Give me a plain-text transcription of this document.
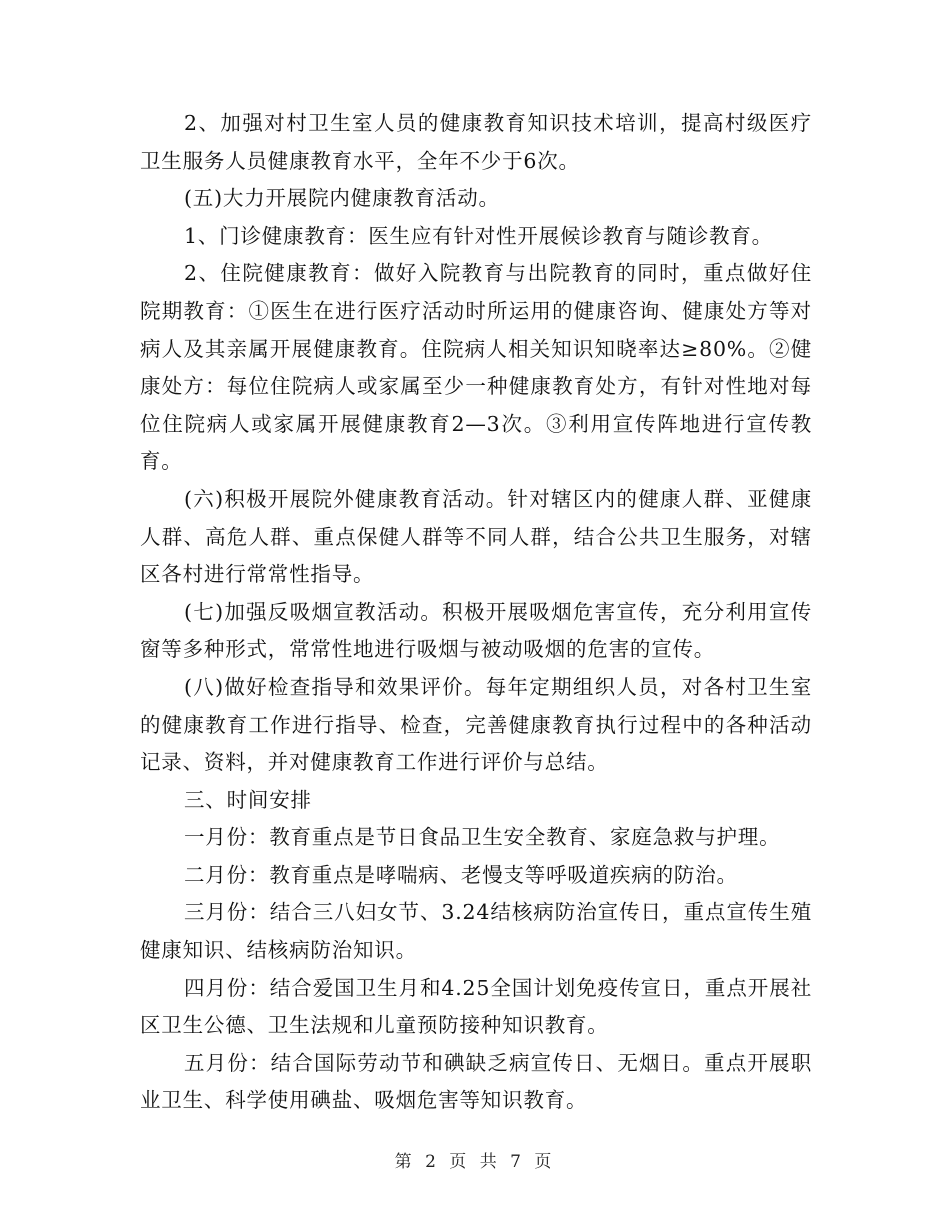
2、加强对村卫生室人员的健康教育知识技术培训，提高村级医疗卫生服务人员健康教育水平，全年不少于6次。

(五)大力开展院内健康教育活动。

1、门诊健康教育：医生应有针对性开展候诊教育与随诊教育。

2、住院健康教育：做好入院教育与出院教育的同时，重点做好住院期教育：①医生在进行医疗活动时所运用的健康咨询、健康处方等对病人及其亲属开展健康教育。住院病人相关知识知晓率达≥80%。②健康处方：每位住院病人或家属至少一种健康教育处方，有针对性地对每位住院病人或家属开展健康教育2—3次。③利用宣传阵地进行宣传教育。

(六)积极开展院外健康教育活动。针对辖区内的健康人群、亚健康人群、高危人群、重点保健人群等不同人群，结合公共卫生服务，对辖区各村进行常常性指导。

(七)加强反吸烟宣教活动。积极开展吸烟危害宣传，充分利用宣传窗等多种形式，常常性地进行吸烟与被动吸烟的危害的宣传。

(八)做好检查指导和效果评价。每年定期组织人员，对各村卫生室的健康教育工作进行指导、检查，完善健康教育执行过程中的各种活动记录、资料，并对健康教育工作进行评价与总结。

三、时间安排

一月份：教育重点是节日食品卫生安全教育、家庭急救与护理。

二月份：教育重点是哮喘病、老慢支等呼吸道疾病的防治。

三月份：结合三八妇女节、3.24结核病防治宣传日，重点宣传生殖健康知识、结核病防治知识。

四月份：结合爱国卫生月和4.25全国计划免疫传宣日，重点开展社区卫生公德、卫生法规和儿童预防接种知识教育。

五月份：结合国际劳动节和碘缺乏病宣传日、无烟日。重点开展职业卫生、科学使用碘盐、吸烟危害等知识教育。

第 2 页 共 7 页
